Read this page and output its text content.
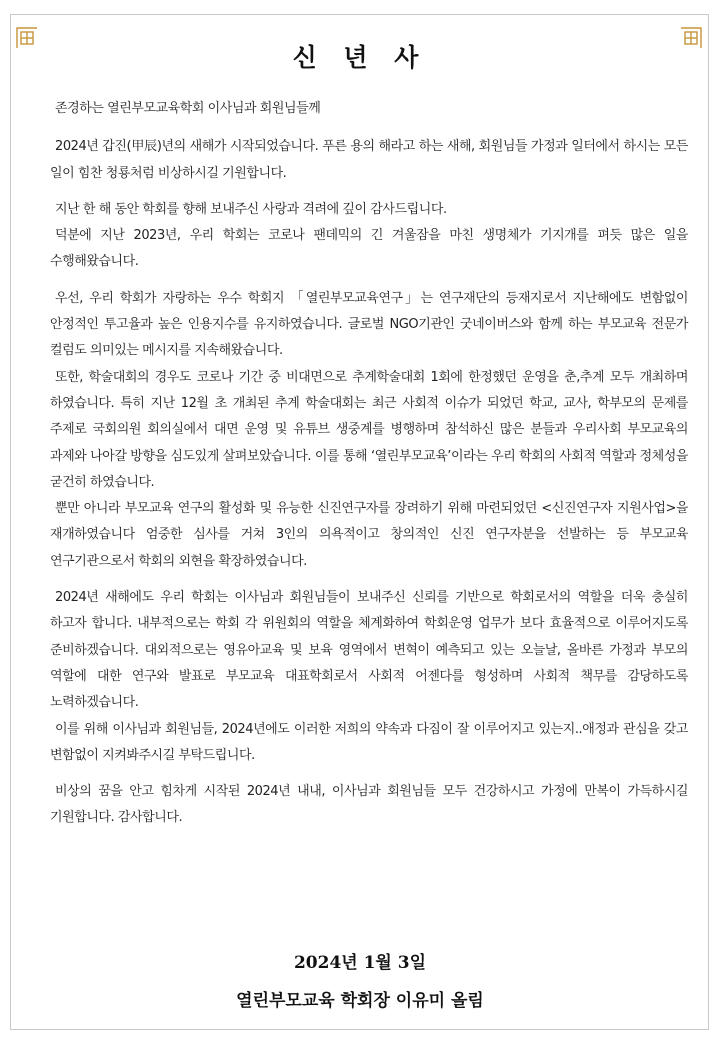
신 년 사

존경하는 열린부모교육학회 이사님과 회원님들께

2024년 갑진(甲辰)년의 새해가 시작되었습니다. 푸른 용의 해라고 하는 새해, 회원님들 가정과 일터에서 하시는 모든 일이 힘찬 청룡처럼 비상하시길 기원합니다.

지난 한 해 동안 학회를 향해 보내주신 사랑과 격려에 깊이 감사드립니다.

덕분에 지난 2023년, 우리 학회는 코로나 팬데믹의 긴 겨울잠을 마친 생명체가 기지개를 펴듯 많은 일을 수행해왔습니다.

우선, 우리 학회가 자랑하는 우수 학회지 「열린부모교육연구」는 연구재단의 등재지로서 지난해에도 변함없이 안정적인 투고율과 높은 인용지수를 유지하였습니다. 글로벌 NGO기관인 굿네이버스와 함께 하는 부모교육 전문가 컬럼도 의미있는 메시지를 지속해왔습니다.

또한, 학술대회의 경우도 코로나 기간 중 비대면으로 추계학술대회 1회에 한정했던 운영을 춘,추계 모두 개최하며 하였습니다. 특히 지난 12월 초 개최된 추계 학술대회는 최근 사회적 이슈가 되었던 학교, 교사, 학부모의 문제를 주제로 국회의원 회의실에서 대면 운영 및 유튜브 생중계를 병행하며 참석하신 많은 분들과 우리사회 부모교육의 과제와 나아갈 방향을 심도있게 살펴보았습니다. 이를 통해 ‘열린부모교육’이라는 우리 학회의 사회적 역할과 정체성을 굳건히 하였습니다.

뿐만 아니라 부모교육 연구의 활성화 및 유능한 신진연구자를 장려하기 위해 마련되었던 <신진연구자 지원사업>을 재개하였습니다 엄중한 심사를 거쳐 3인의 의욕적이고 창의적인 신진 연구자분을 선발하는 등 부모교육 연구기관으로서 학회의 외현을 확장하였습니다.

2024년 새해에도 우리 학회는 이사님과 회원님들이 보내주신 신뢰를 기반으로 학회로서의 역할을 더욱 충실히 하고자 합니다. 내부적으로는 학회 각 위원회의 역할을 체계화하여 학회운영 업무가 보다 효율적으로 이루어지도록 준비하겠습니다. 대외적으로는 영유아교육 및 보육 영역에서 변혁이 예측되고 있는 오늘날, 올바른 가정과 부모의 역할에 대한 연구와 발표로 부모교육 대표학회로서 사회적 어젠다를 형성하며 사회적 책무를 감당하도록 노력하겠습니다.

이를 위해 이사님과 회원님들, 2024년에도 이러한 저희의 약속과 다짐이 잘 이루어지고 있는지..애정과 관심을 갖고 변함없이 지켜봐주시길 부탁드립니다.

비상의 꿈을 안고 힘차게 시작된 2024년 내내, 이사님과 회원님들 모두 건강하시고 가정에 만복이 가득하시길 기원합니다. 감사합니다.

2024년 1월 3일
열린부모교육 학회장 이유미 올림
